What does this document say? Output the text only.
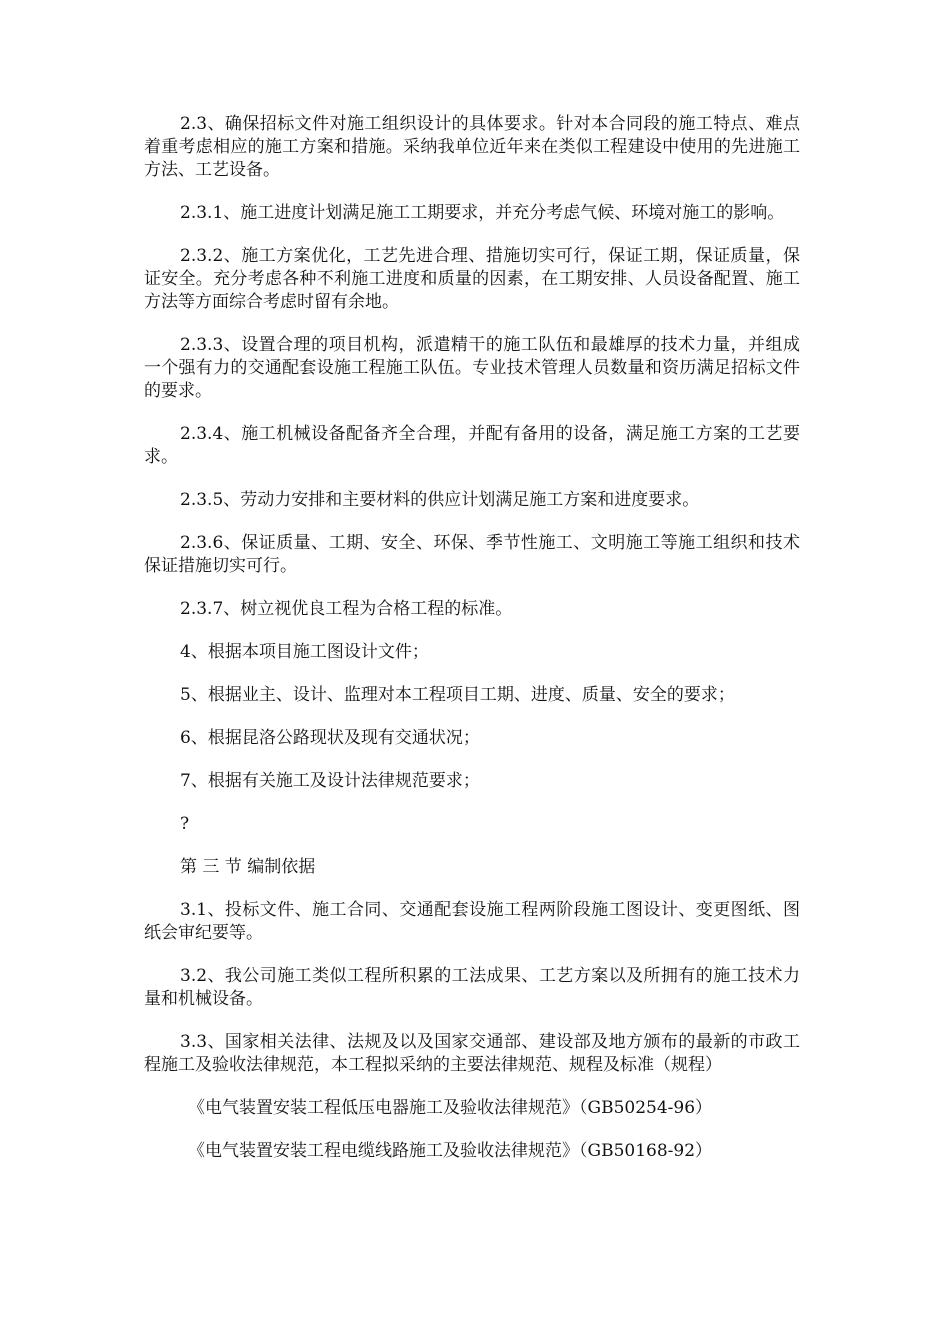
2.3、确保招标文件对施工组织设计的具体要求。针对本合同段的施工特点、难点着重考虑相应的施工方案和措施。采纳我单位近年来在类似工程建设中使用的先进施工方法、工艺设备。

2.3.1、施工进度计划满足施工工期要求，并充分考虑气候、环境对施工的影响。

2.3.2、施工方案优化，工艺先进合理、措施切实可行，保证工期，保证质量，保证安全。充分考虑各种不利施工进度和质量的因素，在工期安排、人员设备配置、施工方法等方面综合考虑时留有余地。

2.3.3、设置合理的项目机构，派遣精干的施工队伍和最雄厚的技术力量，并组成一个强有力的交通配套设施工程施工队伍。专业技术管理人员数量和资历满足招标文件的要求。

2.3.4、施工机械设备配备齐全合理，并配有备用的设备，满足施工方案的工艺要求。

2.3.5、劳动力安排和主要材料的供应计划满足施工方案和进度要求。

2.3.6、保证质量、工期、安全、环保、季节性施工、文明施工等施工组织和技术保证措施切实可行。

2.3.7、树立视优良工程为合格工程的标准。

4、根据本项目施工图设计文件；

5、根据业主、设计、监理对本工程项目工期、进度、质量、安全的要求；

6、根据昆洛公路现状及现有交通状况；

7、根据有关施工及设计法律规范要求；

?

第 三 节 编制依据

3.1、投标文件、施工合同、交通配套设施工程两阶段施工图设计、变更图纸、图纸会审纪要等。

3.2、我公司施工类似工程所积累的工法成果、工艺方案以及所拥有的施工技术力量和机械设备。

3.3、国家相关法律、法规及以及国家交通部、建设部及地方颁布的最新的市政工程施工及验收法律规范，本工程拟采纳的主要法律规范、规程及标准（规程）

《电气装置安装工程低压电器施工及验收法律规范》（GB50254-96）

《电气装置安装工程电缆线路施工及验收法律规范》（GB50168-92）
